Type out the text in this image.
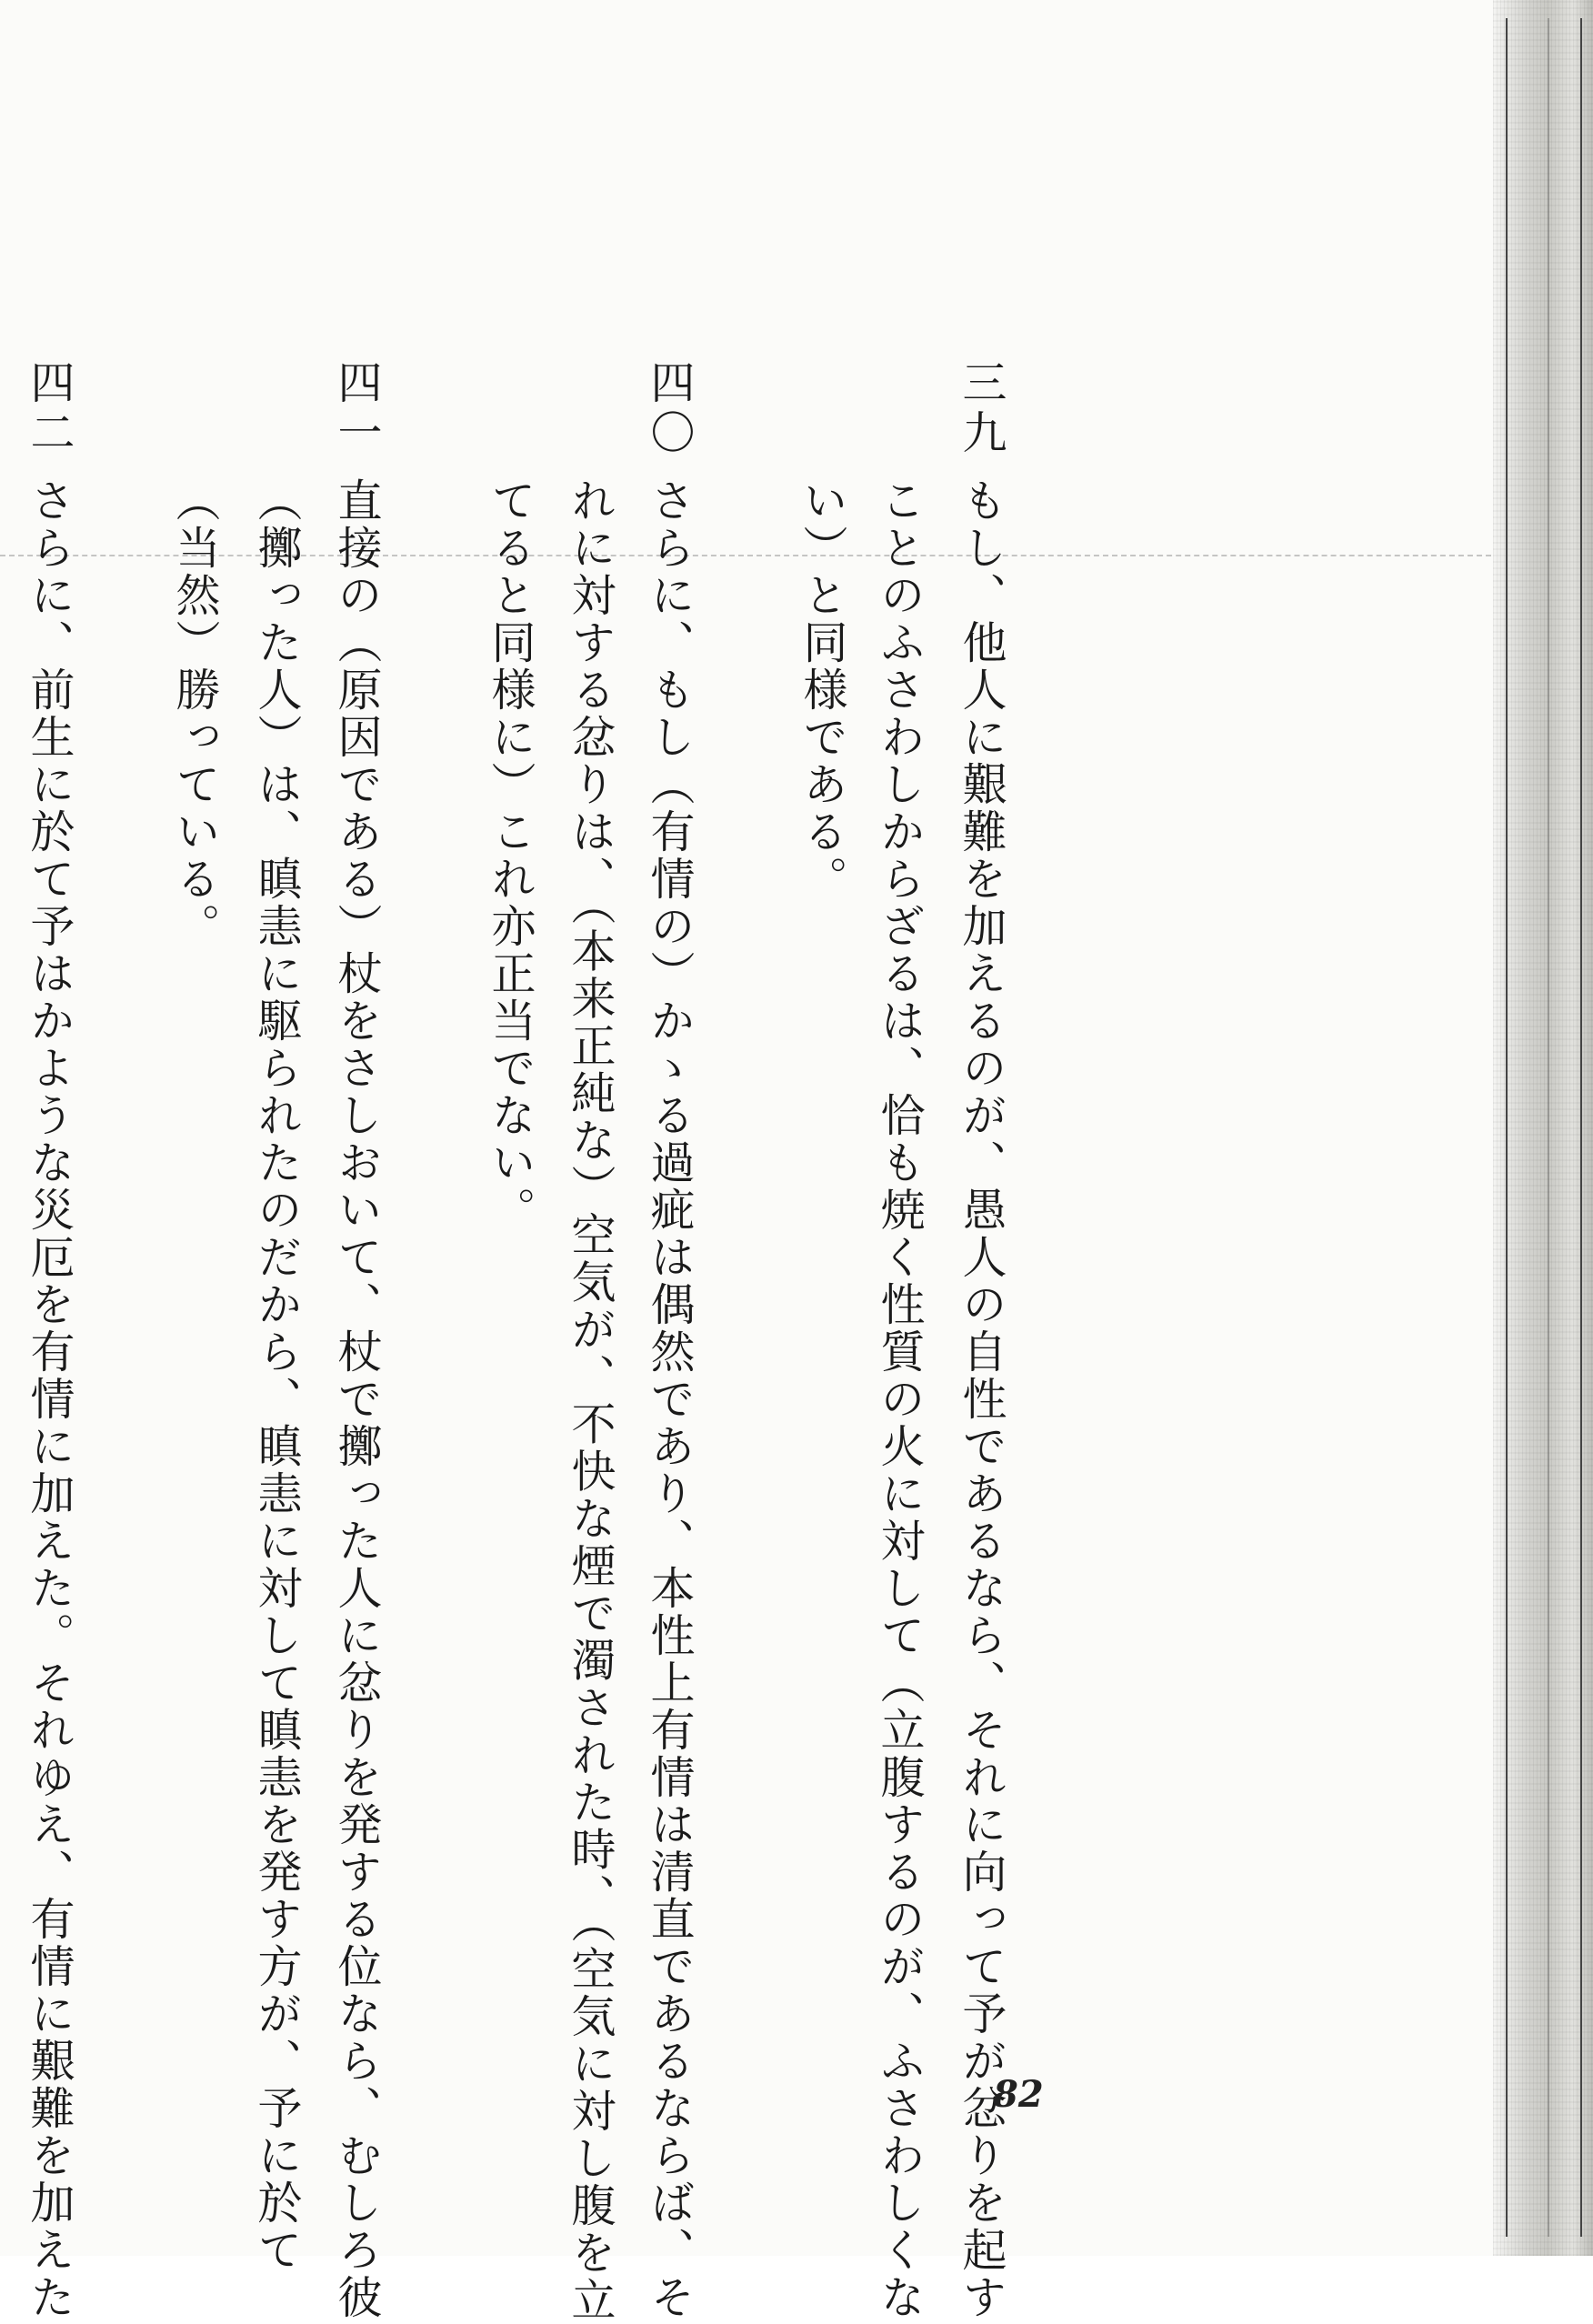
三九
もし、他人に艱難を加えるのが、愚人の自性であるなら、それに向って予が忿りを起す
ことのふさわしからざるは、恰も焼く性質の火に対して（立腹するのが、ふさわしくな
い）と同様である。
四〇
さらに、もし（有情の）かゝる過疵は偶然であり、本性上有情は清直であるならば、そ
れに対する忿りは、（本来正純な）空気が、不快な煙で濁された時、（空気に対し腹を立
てると同様に）これ亦正当でない。
四一
直接の（原因である）杖をさしおいて、杖で擲った人に忿りを発する位なら、むしろ彼
（擲った人）は、瞋恚に駆られたのだから、瞋恚に対して瞋恚を発す方が、予に於て
（当然）勝っている。
四二
さらに、前生に於て予はかような災厄を有情に加えた。それゆえ、有情に艱難を加えた	82
